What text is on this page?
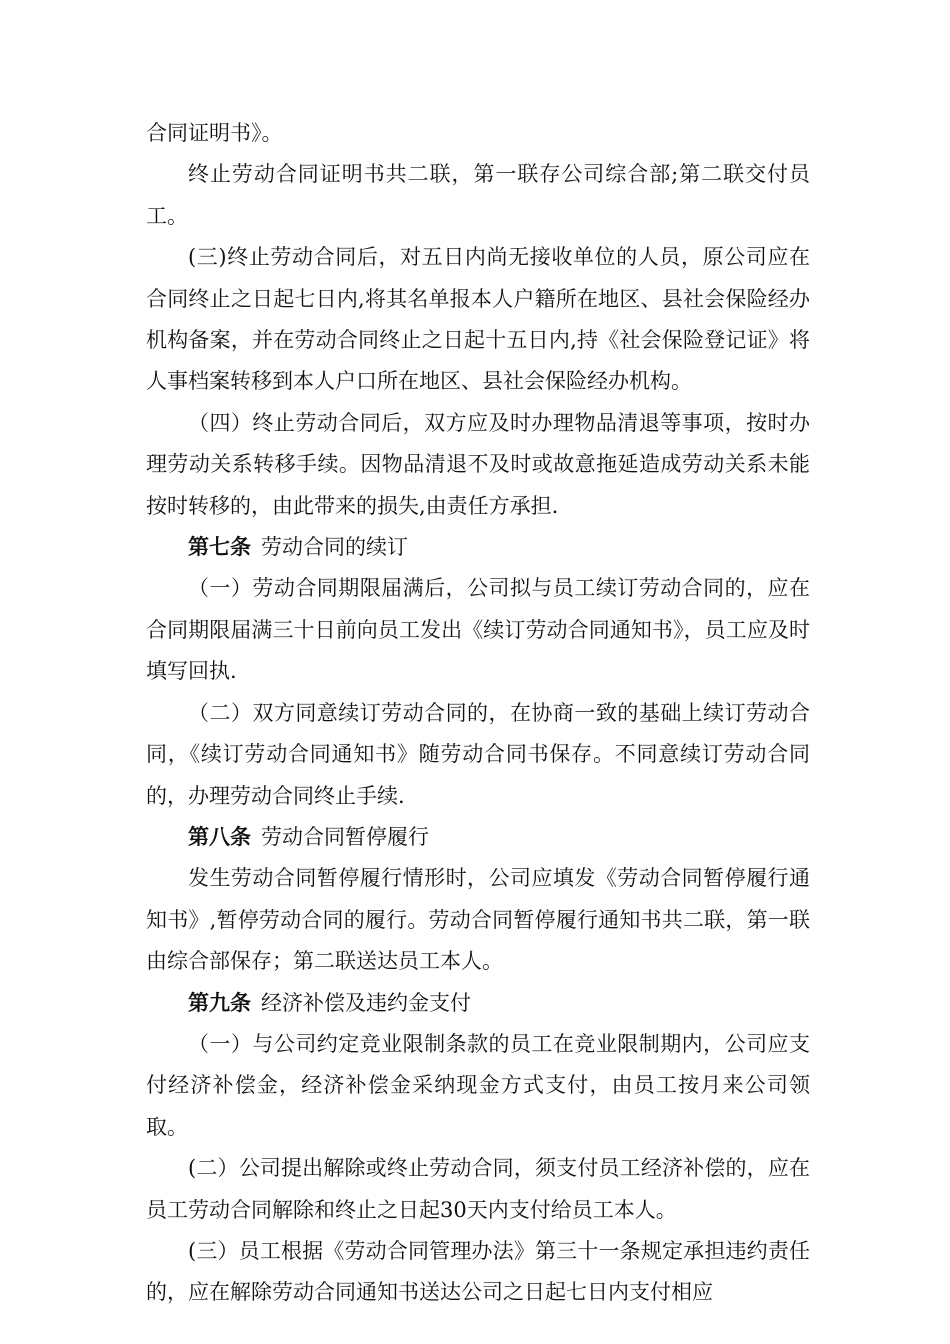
合同证明书》。

终止劳动合同证明书共二联，第一联存公司综合部;第二联交付员工。

(三)终止劳动合同后，对五日内尚无接收单位的人员，原公司应在合同终止之日起七日内,将其名单报本人户籍所在地区、县社会保险经办机构备案，并在劳动合同终止之日起十五日内,持《社会保险登记证》将人事档案转移到本人户口所在地区、县社会保险经办机构。

（四）终止劳动合同后，双方应及时办理物品清退等事项，按时办理劳动关系转移手续。因物品清退不及时或故意拖延造成劳动关系未能按时转移的，由此带来的损失,由责任方承担.

第七条 劳动合同的续订

（一）劳动合同期限届满后，公司拟与员工续订劳动合同的，应在合同期限届满三十日前向员工发出《续订劳动合同通知书》，员工应及时填写回执.

（二）双方同意续订劳动合同的，在协商一致的基础上续订劳动合同，《续订劳动合同通知书》随劳动合同书保存。不同意续订劳动合同的，办理劳动合同终止手续.

第八条 劳动合同暂停履行

发生劳动合同暂停履行情形时，公司应填发《劳动合同暂停履行通知书》,暂停劳动合同的履行。劳动合同暂停履行通知书共二联，第一联由综合部保存；第二联送达员工本人。

第九条 经济补偿及违约金支付

（一）与公司约定竞业限制条款的员工在竞业限制期内，公司应支付经济补偿金，经济补偿金采纳现金方式支付，由员工按月来公司领取。

(二）公司提出解除或终止劳动合同，须支付员工经济补偿的，应在员工劳动合同解除和终止之日起30天内支付给员工本人。

(三）员工根据《劳动合同管理办法》第三十一条规定承担违约责任的，应在解除劳动合同通知书送达公司之日起七日内支付相应
